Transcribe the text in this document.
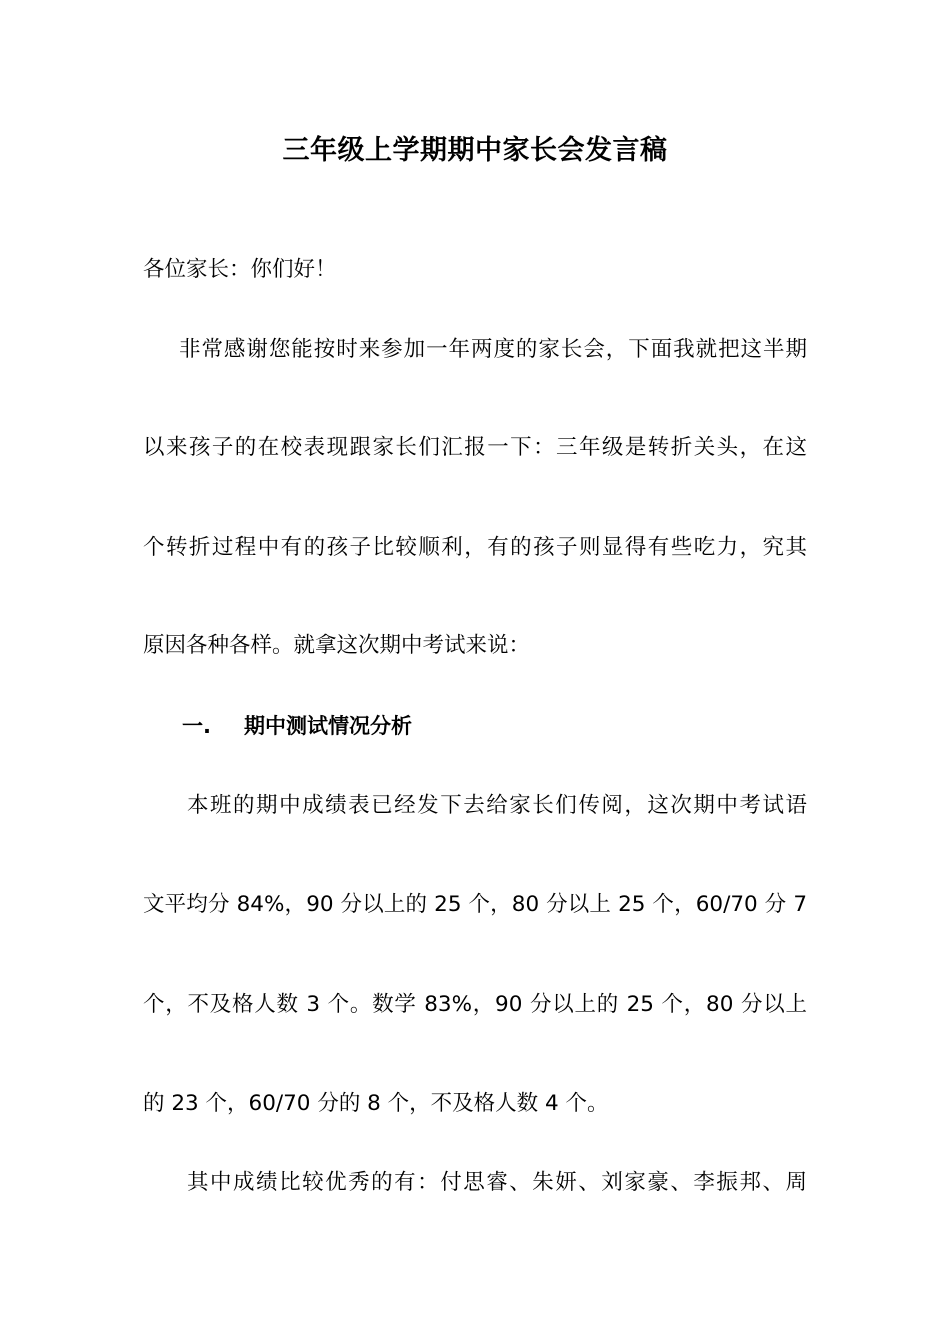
三年级上学期期中家长会发言稿
各位家长：你们好！
非常感谢您能按时来参加一年两度的家长会，下面我就把这半期
以来孩子的在校表现跟家长们汇报一下：三年级是转折关头，在这
个转折过程中有的孩子比较顺利，有的孩子则显得有些吃力，究其
原因各种各样。就拿这次期中考试来说：
一. 期中测试情况分析
本班的期中成绩表已经发下去给家长们传阅，这次期中考试语
文平均分 84%，90 分以上的 25 个，80 分以上 25 个，60/70 分 7
个，不及格人数 3 个。数学 83%，90 分以上的 25 个，80 分以上
的 23 个，60/70 分的 8 个，不及格人数 4 个。
其中成绩比较优秀的有：付思睿、朱妍、刘家豪、李振邦、周
